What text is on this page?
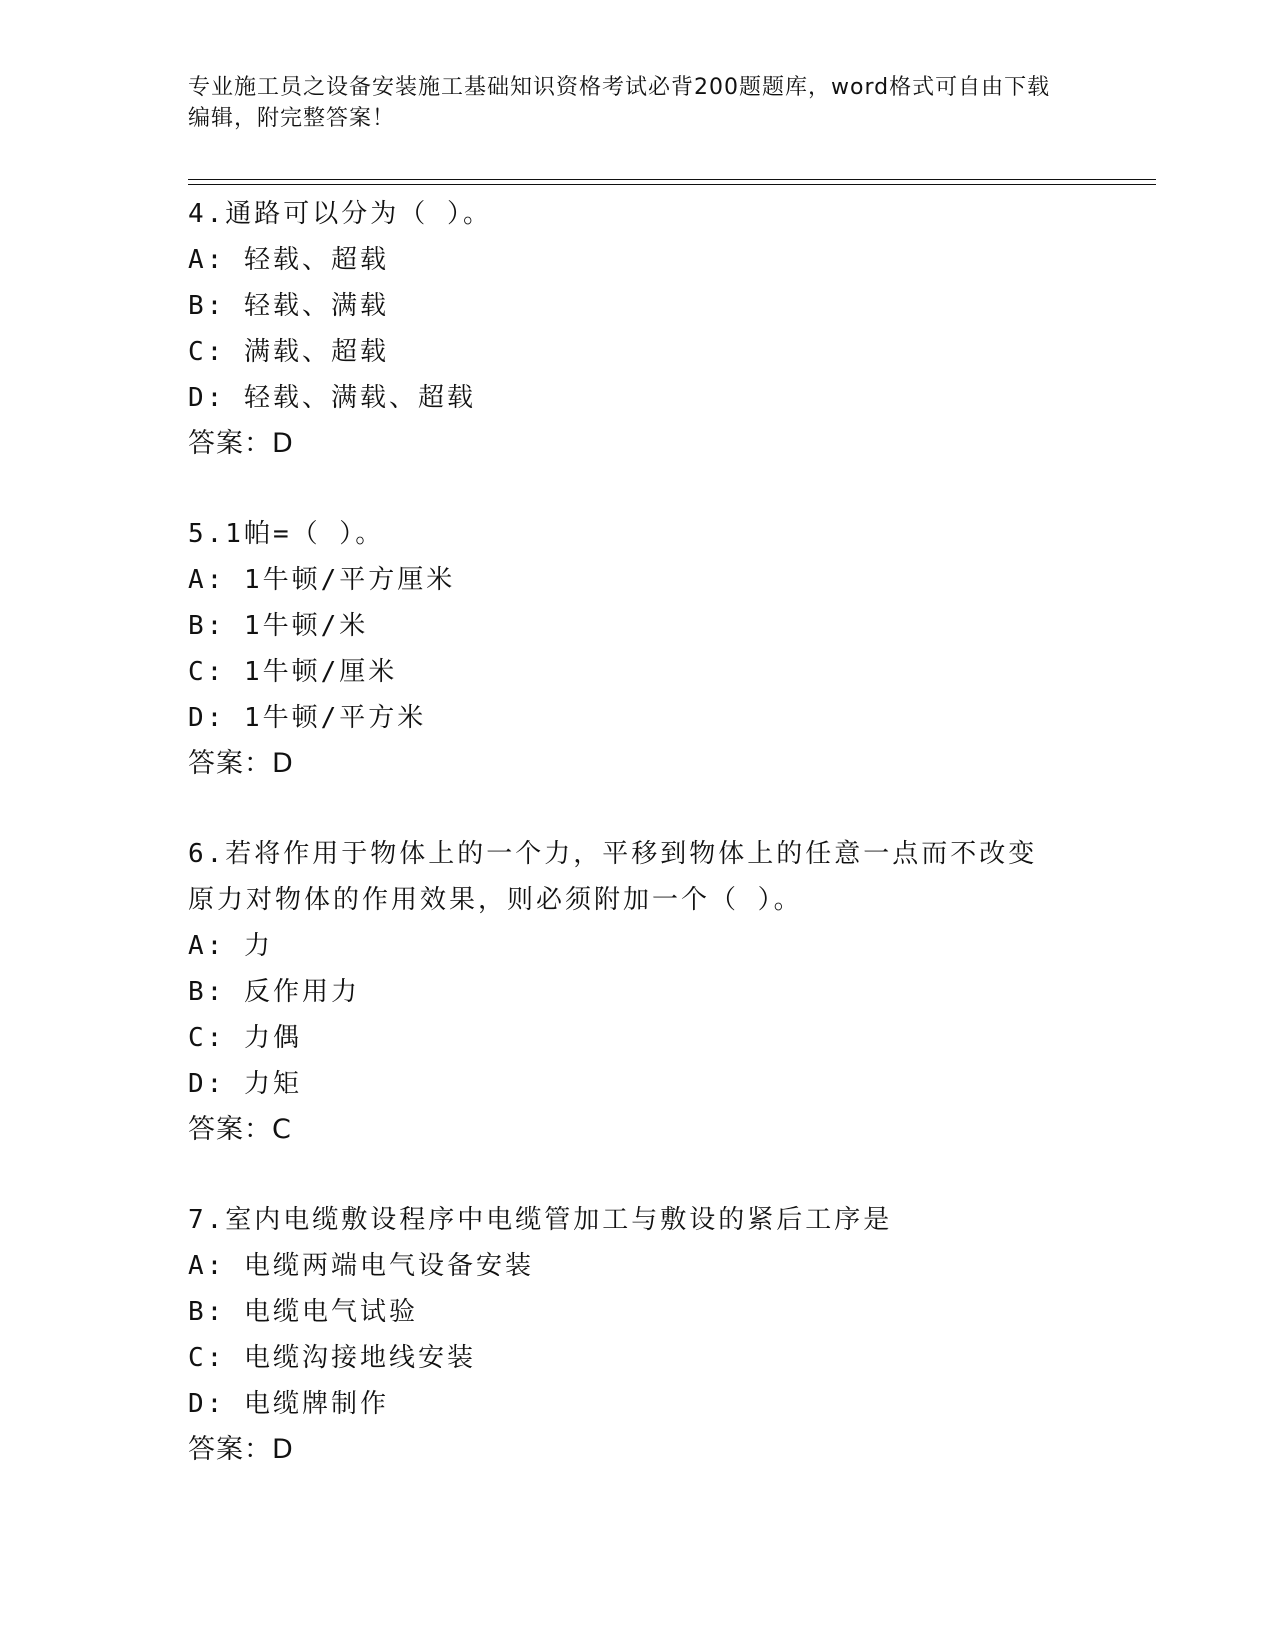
专业施工员之设备安装施工基础知识资格考试必背200题题库，word格式可自由下载编辑，附完整答案！

4.通路可以分为（ ）。

A: 轻载、超载

B: 轻载、满载

C: 满载、超载

D: 轻载、满载、超载

答案：D

5.1帕=（ ）。

A: 1牛顿/平方厘米

B: 1牛顿/米

C: 1牛顿/厘米

D: 1牛顿/平方米

答案：D

6.若将作用于物体上的一个力，平移到物体上的任意一点而不改变原力对物体的作用效果，则必须附加一个（ ）。

A: 力

B: 反作用力

C: 力偶

D: 力矩

答案：C

7.室内电缆敷设程序中电缆管加工与敷设的紧后工序是

A: 电缆两端电气设备安装

B: 电缆电气试验

C: 电缆沟接地线安装

D: 电缆牌制作

答案：D
